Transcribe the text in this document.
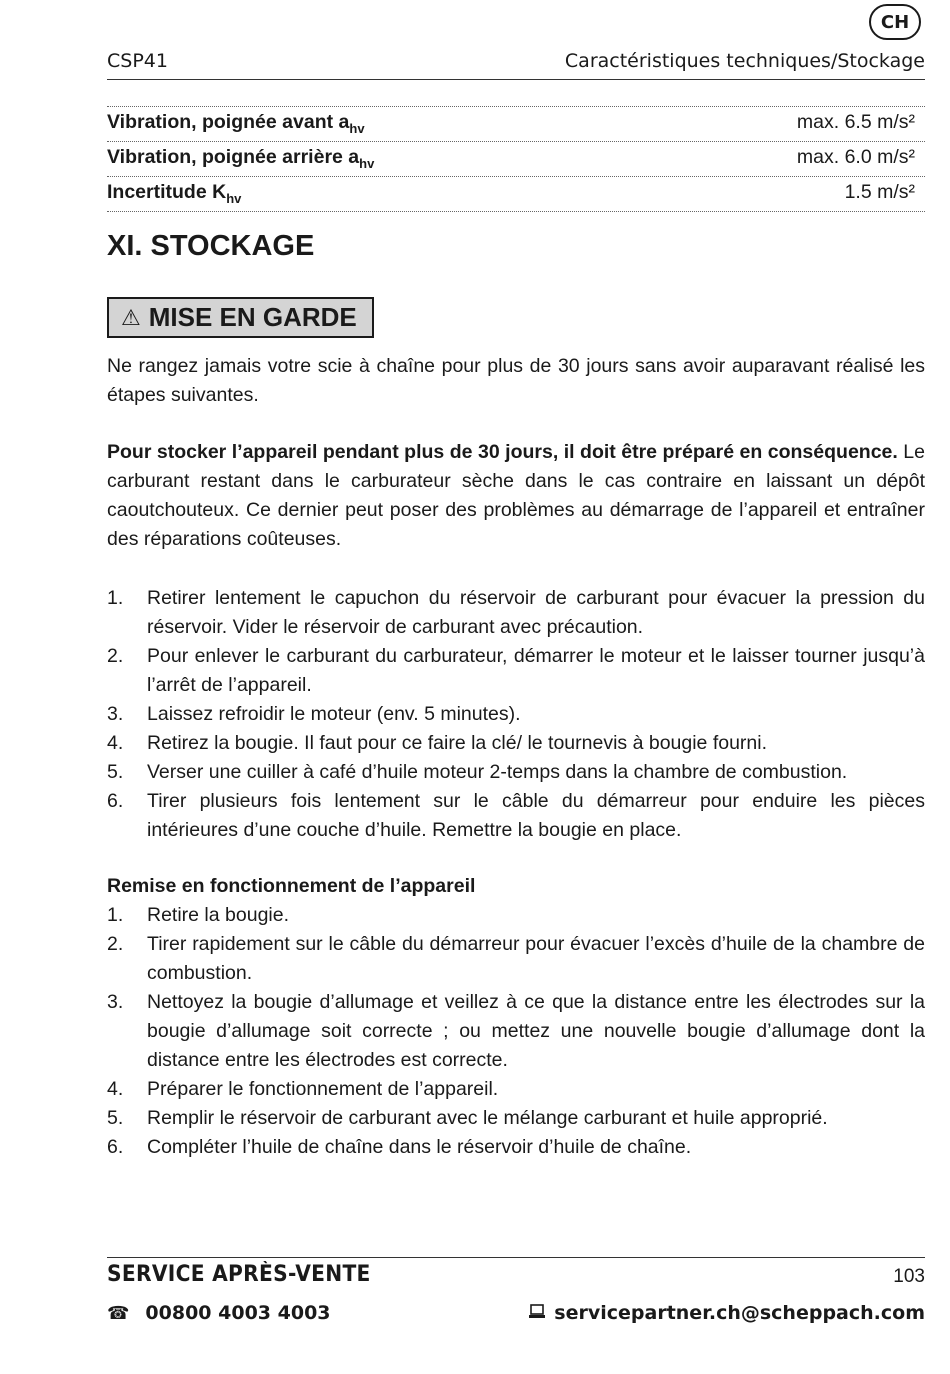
CH
CSP41	Caractéristiques techniques/Stockage
Vibration, poignée avant $a_{hv}$	max. 6.5 m/s²
Vibration, poignée arrière $a_{hv}$	max. 6.0 m/s²
Incertitude $K_{hv}$	1.5 m/s²
XI. STOCKAGE
⚠ MISE EN GARDE

Ne rangez jamais votre scie à chaîne pour plus de 30 jours sans avoir auparavant réalisé les étapes suivantes.

Pour stocker l’appareil pendant plus de 30 jours, il doit être préparé en conséquence. Le carburant restant dans le carburateur sèche dans le cas contraire en laissant un dépôt caoutchouteux. Ce dernier peut poser des problèmes au démarrage de l’appareil et entraîner des réparations coûteuses.

1.	Retirer lentement le capuchon du réservoir de carburant pour évacuer la pression du réservoir. Vider le réservoir de carburant avec précaution.
2.	Pour enlever le carburant du carburateur, démarrer le moteur et le laisser tourner jusqu’à l’arrêt de l’appareil.
3.	Laissez refroidir le moteur (env. 5 minutes).
4.	Retirez la bougie. Il faut pour ce faire la clé/ le tournevis à bougie fourni.
5.	Verser une cuiller à café d’huile moteur 2-temps dans la chambre de combustion.
6.	Tirer plusieurs fois lentement sur le câble du démarreur pour enduire les pièces intérieures d’une couche d’huile. Remettre la bougie en place.
Remise en fonctionnement de l’appareil
1.	Retire la bougie.
2.	Tirer rapidement sur le câble du démarreur pour évacuer l’excès d’huile de la chambre de combustion.
3.	Nettoyez la bougie d’allumage et veillez à ce que la distance entre les électrodes sur la bougie d’allumage soit correcte ; ou mettez une nouvelle bougie d’allumage dont la distance entre les électrodes est correcte.
4.	Préparer le fonctionnement de l’appareil.
5.	Remplir le réservoir de carburant avec le mélange carburant et huile approprié.
6.	Compléter l’huile de chaîne dans le réservoir d’huile de chaîne.
SERVICE APRÈS-VENTE	103
☎ 00800 4003 4003	servicepartner.ch@scheppach.com
